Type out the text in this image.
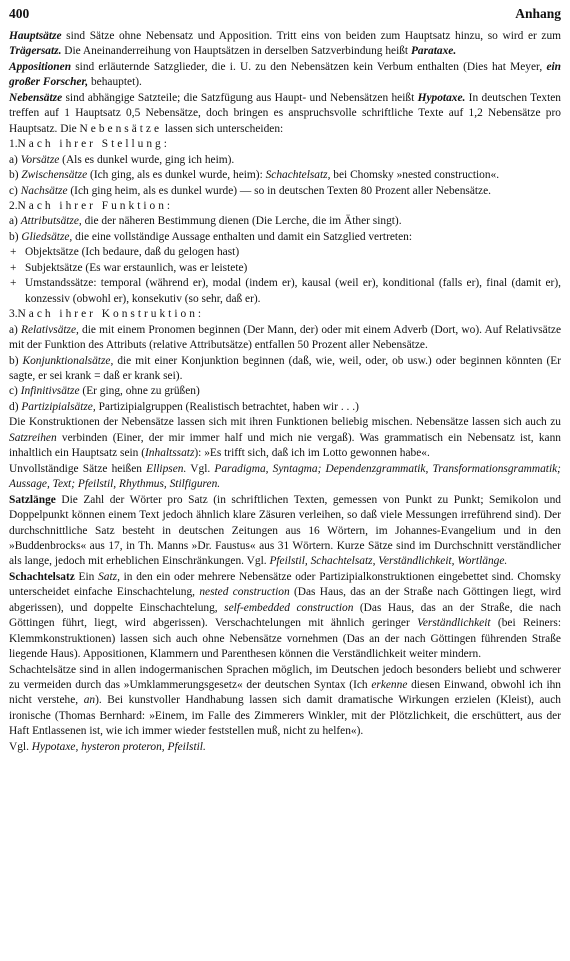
400	Anhang

Hauptsätze sind Sätze ohne Nebensatz und Apposition. Tritt eins von beiden zum Hauptsatz hinzu, so wird er zum Trägersatz. Die Aneinanderreihung von Hauptsätzen in derselben Satzverbindung heißt Parataxe.

Appositionen sind erläuternde Satzglieder, die i. U. zu den Nebensätzen kein Verbum enthalten (Dies hat Meyer, ein großer Forscher, behauptet).

Nebensätze sind abhängige Satzteile; die Satzfügung aus Haupt- und Nebensätzen heißt Hypotaxe. In deutschen Texten treffen auf 1 Hauptsatz 0,5 Nebensätze, doch bringen es anspruchsvolle schriftliche Texte auf 1,2 Nebensätze pro Hauptsatz. Die Nebensätze lassen sich unterscheiden:

1.Nach ihrer Stellung:

a) Vorsätze (Als es dunkel wurde, ging ich heim).

b) Zwischensätze (Ich ging, als es dunkel wurde, heim): Schachtelsatz, bei Chomsky »nested construction«.

c) Nachsätze (Ich ging heim, als es dunkel wurde) — so in deutschen Texten 80 Prozent aller Nebensätze.

2.Nach ihrer Funktion:

a) Attributsätze, die der näheren Bestimmung dienen (Die Lerche, die im Äther singt).

b) Gliedsätze, die eine vollständige Aussage enthalten und damit ein Satzglied vertreten:

+ Objektsätze (Ich bedaure, daß du gelogen hast)

+ Subjektsätze (Es war erstaunlich, was er leistete)

+ Umstandssätze: temporal (während er), modal (indem er), kausal (weil er), konditional (falls er), final (damit er), konzessiv (obwohl er), konsekutiv (so sehr, daß er).

3.Nach ihrer Konstruktion:

a) Relativsätze, die mit einem Pronomen beginnen (Der Mann, der) oder mit einem Adverb (Dort, wo). Auf Relativsätze mit der Funktion des Attributs (relative Attributsätze) entfallen 50 Prozent aller Nebensätze.

b) Konjunktionalsätze, die mit einer Konjunktion beginnen (daß, wie, weil, oder, ob usw.) oder beginnen könnten (Er sagte, er sei krank = daß er krank sei).

c) Infinitivsätze (Er ging, ohne zu grüßen)

d) Partizipialsätze, Partizipialgruppen (Realistisch betrachtet, haben wir . . .)

Die Konstruktionen der Nebensätze lassen sich mit ihren Funktionen beliebig mischen. Nebensätze lassen sich auch zu Satzreihen verbinden (Einer, der mir immer half und mich nie vergaß). Was grammatisch ein Nebensatz ist, kann inhaltlich ein Hauptsatz sein (Inhaltssatz): »Es trifft sich, daß ich im Lotto gewonnen habe«.

Unvollständige Sätze heißen Ellipsen. Vgl. Paradigma, Syntagma; Dependenzgrammatik, Transformationsgrammatik; Aussage, Text; Pfeilstil, Rhythmus, Stilfiguren.

Satzlänge Die Zahl der Wörter pro Satz (in schriftlichen Texten, gemessen von Punkt zu Punkt; Semikolon und Doppelpunkt können einem Text jedoch ähnlich klare Zäsuren verleihen, so daß viele Messungen irreführend sind). Der durchschnittliche Satz besteht in deutschen Zeitungen aus 16 Wörtern, im Johannes-Evangelium und in den »Buddenbrocks« aus 17, in Th. Manns »Dr. Faustus« aus 31 Wörtern. Kurze Sätze sind im Durchschnitt verständlicher als lange, jedoch mit erheblichen Einschränkungen. Vgl. Pfeilstil, Schachtelsatz, Verständlichkeit, Wortlänge.

Schachtelsatz Ein Satz, in den ein oder mehrere Nebensätze oder Partizipialkonstruktionen eingebettet sind. Chomsky unterscheidet einfache Einschachtelung, nested construction (Das Haus, das an der Straße nach Göttingen liegt, wird abgerissen), und doppelte Einschachtelung, self-embedded construction (Das Haus, das an der Straße, die nach Göttingen führt, liegt, wird abgerissen). Verschachtelungen mit ähnlich geringer Verständlichkeit (bei Reiners: Klemmkonstruktionen) lassen sich auch ohne Nebensätze vornehmen (Das an der nach Göttingen führenden Straße liegende Haus). Appositionen, Klammern und Parenthesen können die Verständlichkeit weiter mindern.

Schachtelsätze sind in allen indogermanischen Sprachen möglich, im Deutschen jedoch besonders beliebt und schwerer zu vermeiden durch das »Umklammerungsgesetz« der deutschen Syntax (Ich erkenne diesen Einwand, obwohl ich ihn nicht verstehe, an). Bei kunstvoller Handhabung lassen sich damit dramatische Wirkungen erzielen (Kleist), auch ironische (Thomas Bernhard: »Einem, im Falle des Zimmerers Winkler, mit der Plötzlichkeit, die erschüttert, aus der Haft Entlassenen ist, wie ich immer wieder feststellen muß, nicht zu helfen«).

Vgl. Hypotaxe, hysteron proteron, Pfeilstil.
